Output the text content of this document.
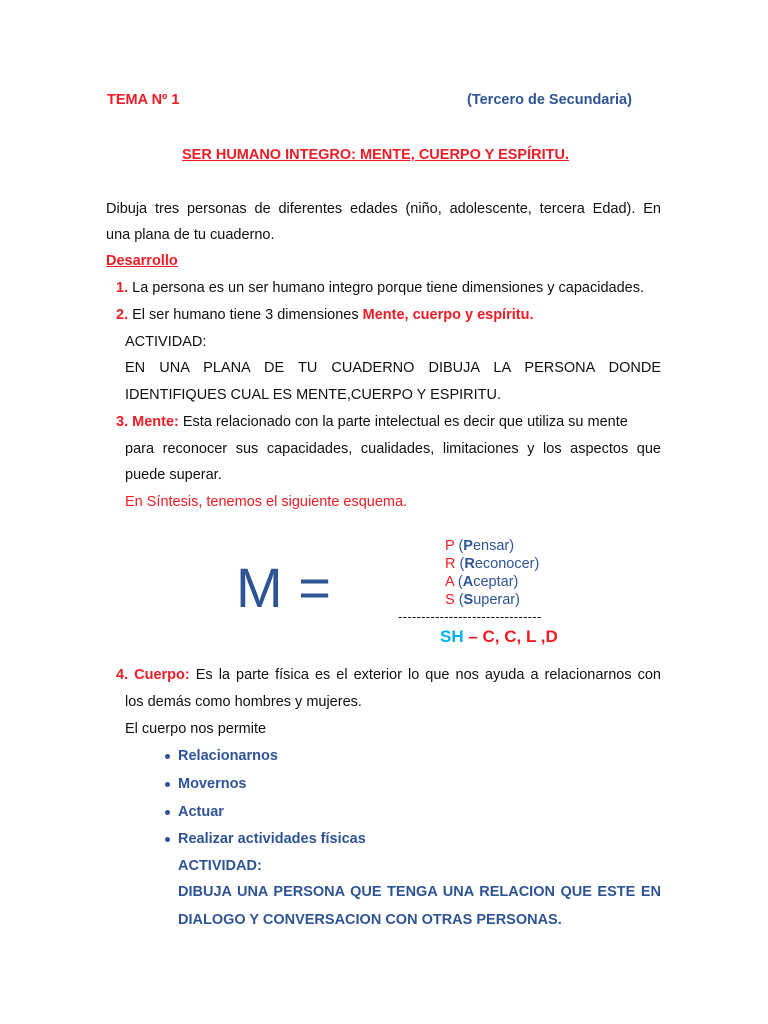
TEMA Nº 1	(Tercero de Secundaria)
SER HUMANO INTEGRO: MENTE, CUERPO Y ESPÍRITU.
Dibuja tres personas de diferentes edades (niño, adolescente, tercera Edad). En
una plana de tu cuaderno.
Desarrollo
1. La persona es un ser humano integro porque tiene dimensiones y capacidades.
2. El ser humano tiene 3 dimensiones Mente, cuerpo y espíritu.
ACTIVIDAD:
EN UNA PLANA DE TU CUADERNO DIBUJA LA PERSONA DONDE
IDENTIFIQUES CUAL ES MENTE,CUERPO Y ESPIRITU.
3. Mente: Esta relacionado con la parte intelectual es decir que utiliza su mente
para reconocer sus capacidades, cualidades, limitaciones y los aspectos que
puede superar.
En Síntesis, tenemos el siguiente esquema.
M =
P (Pensar)
R (Reconocer)
A (Aceptar)
S (Superar)
-------------------------------
SH – C, C, L ,D
4. Cuerpo: Es la parte física es el exterior lo que nos ayuda a relacionarnos con
los demás como hombres y mujeres.
El cuerpo nos permite
Relacionarnos
Movernos
Actuar
Realizar actividades físicas
ACTIVIDAD:
DIBUJA UNA PERSONA QUE TENGA UNA RELACION QUE ESTE EN
DIALOGO Y CONVERSACION CON OTRAS PERSONAS.
